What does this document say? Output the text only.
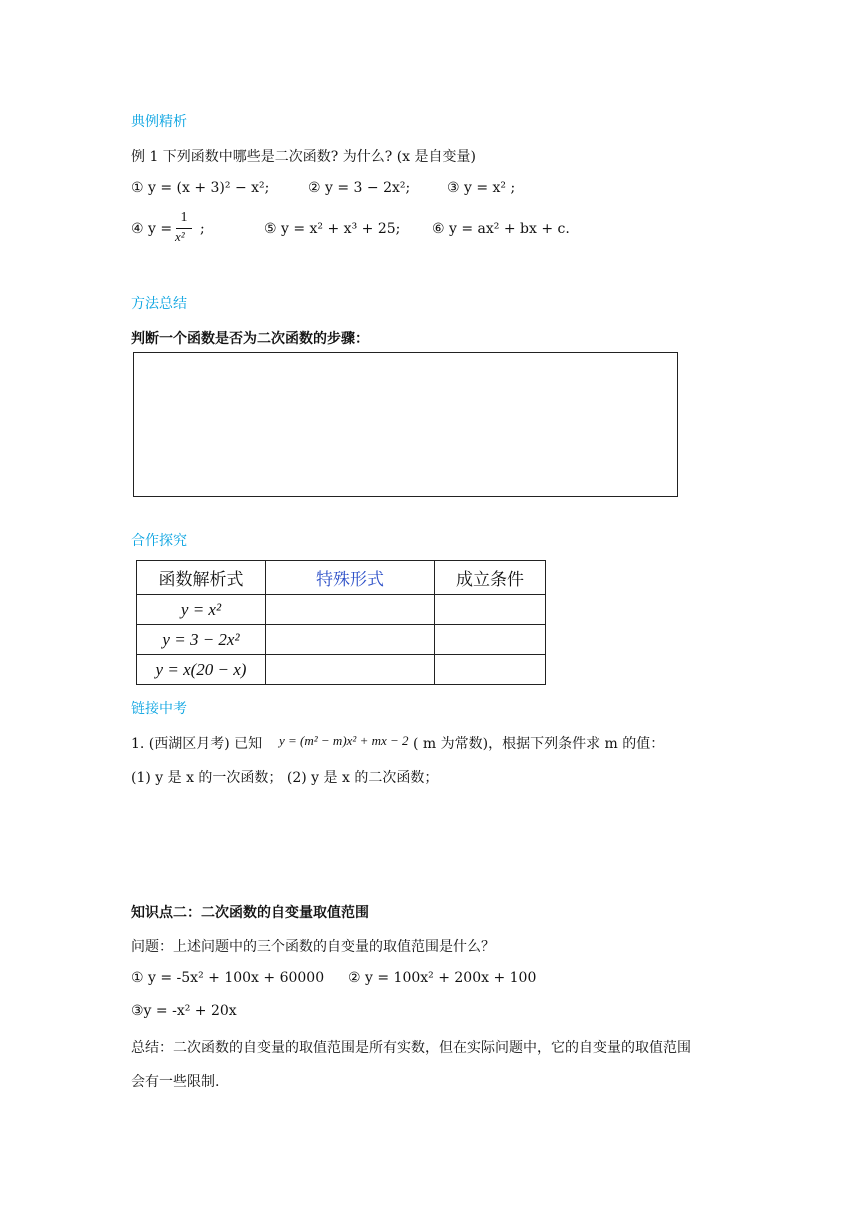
典例精析
例 1 下列函数中哪些是二次函数? 为什么? (x 是自变量)
① y = (x + 3)² − x²;	② y = 3 − 2x²;	③ y = x² ;
④ y =
1
x² ;	⑤ y = x² + x³ + 25; ⑥ y = ax² + bx + c.
方法总结
判断一个函数是否为二次函数的步骤：
合作探究
函数解析式	特殊形式	成立条件
y = x²		
y = 3 − 2x²		
y = x(20 − x)		
链接中考
1. (西湖区月考) 已知 y = (m² − m)x² + mx − 2 ( m 为常数)，根据下列条件求 m 的值：
(1) y 是 x 的一次函数； (2) y 是 x 的二次函数；
知识点二：二次函数的自变量取值范围
问题：上述问题中的三个函数的自变量的取值范围是什么？
① y = -5x² + 100x + 60000 ② y = 100x² + 200x + 100
③y = -x² + 20x
总结：二次函数的自变量的取值范围是所有实数，但在实际问题中，它的自变量的取值范围
会有一些限制.
